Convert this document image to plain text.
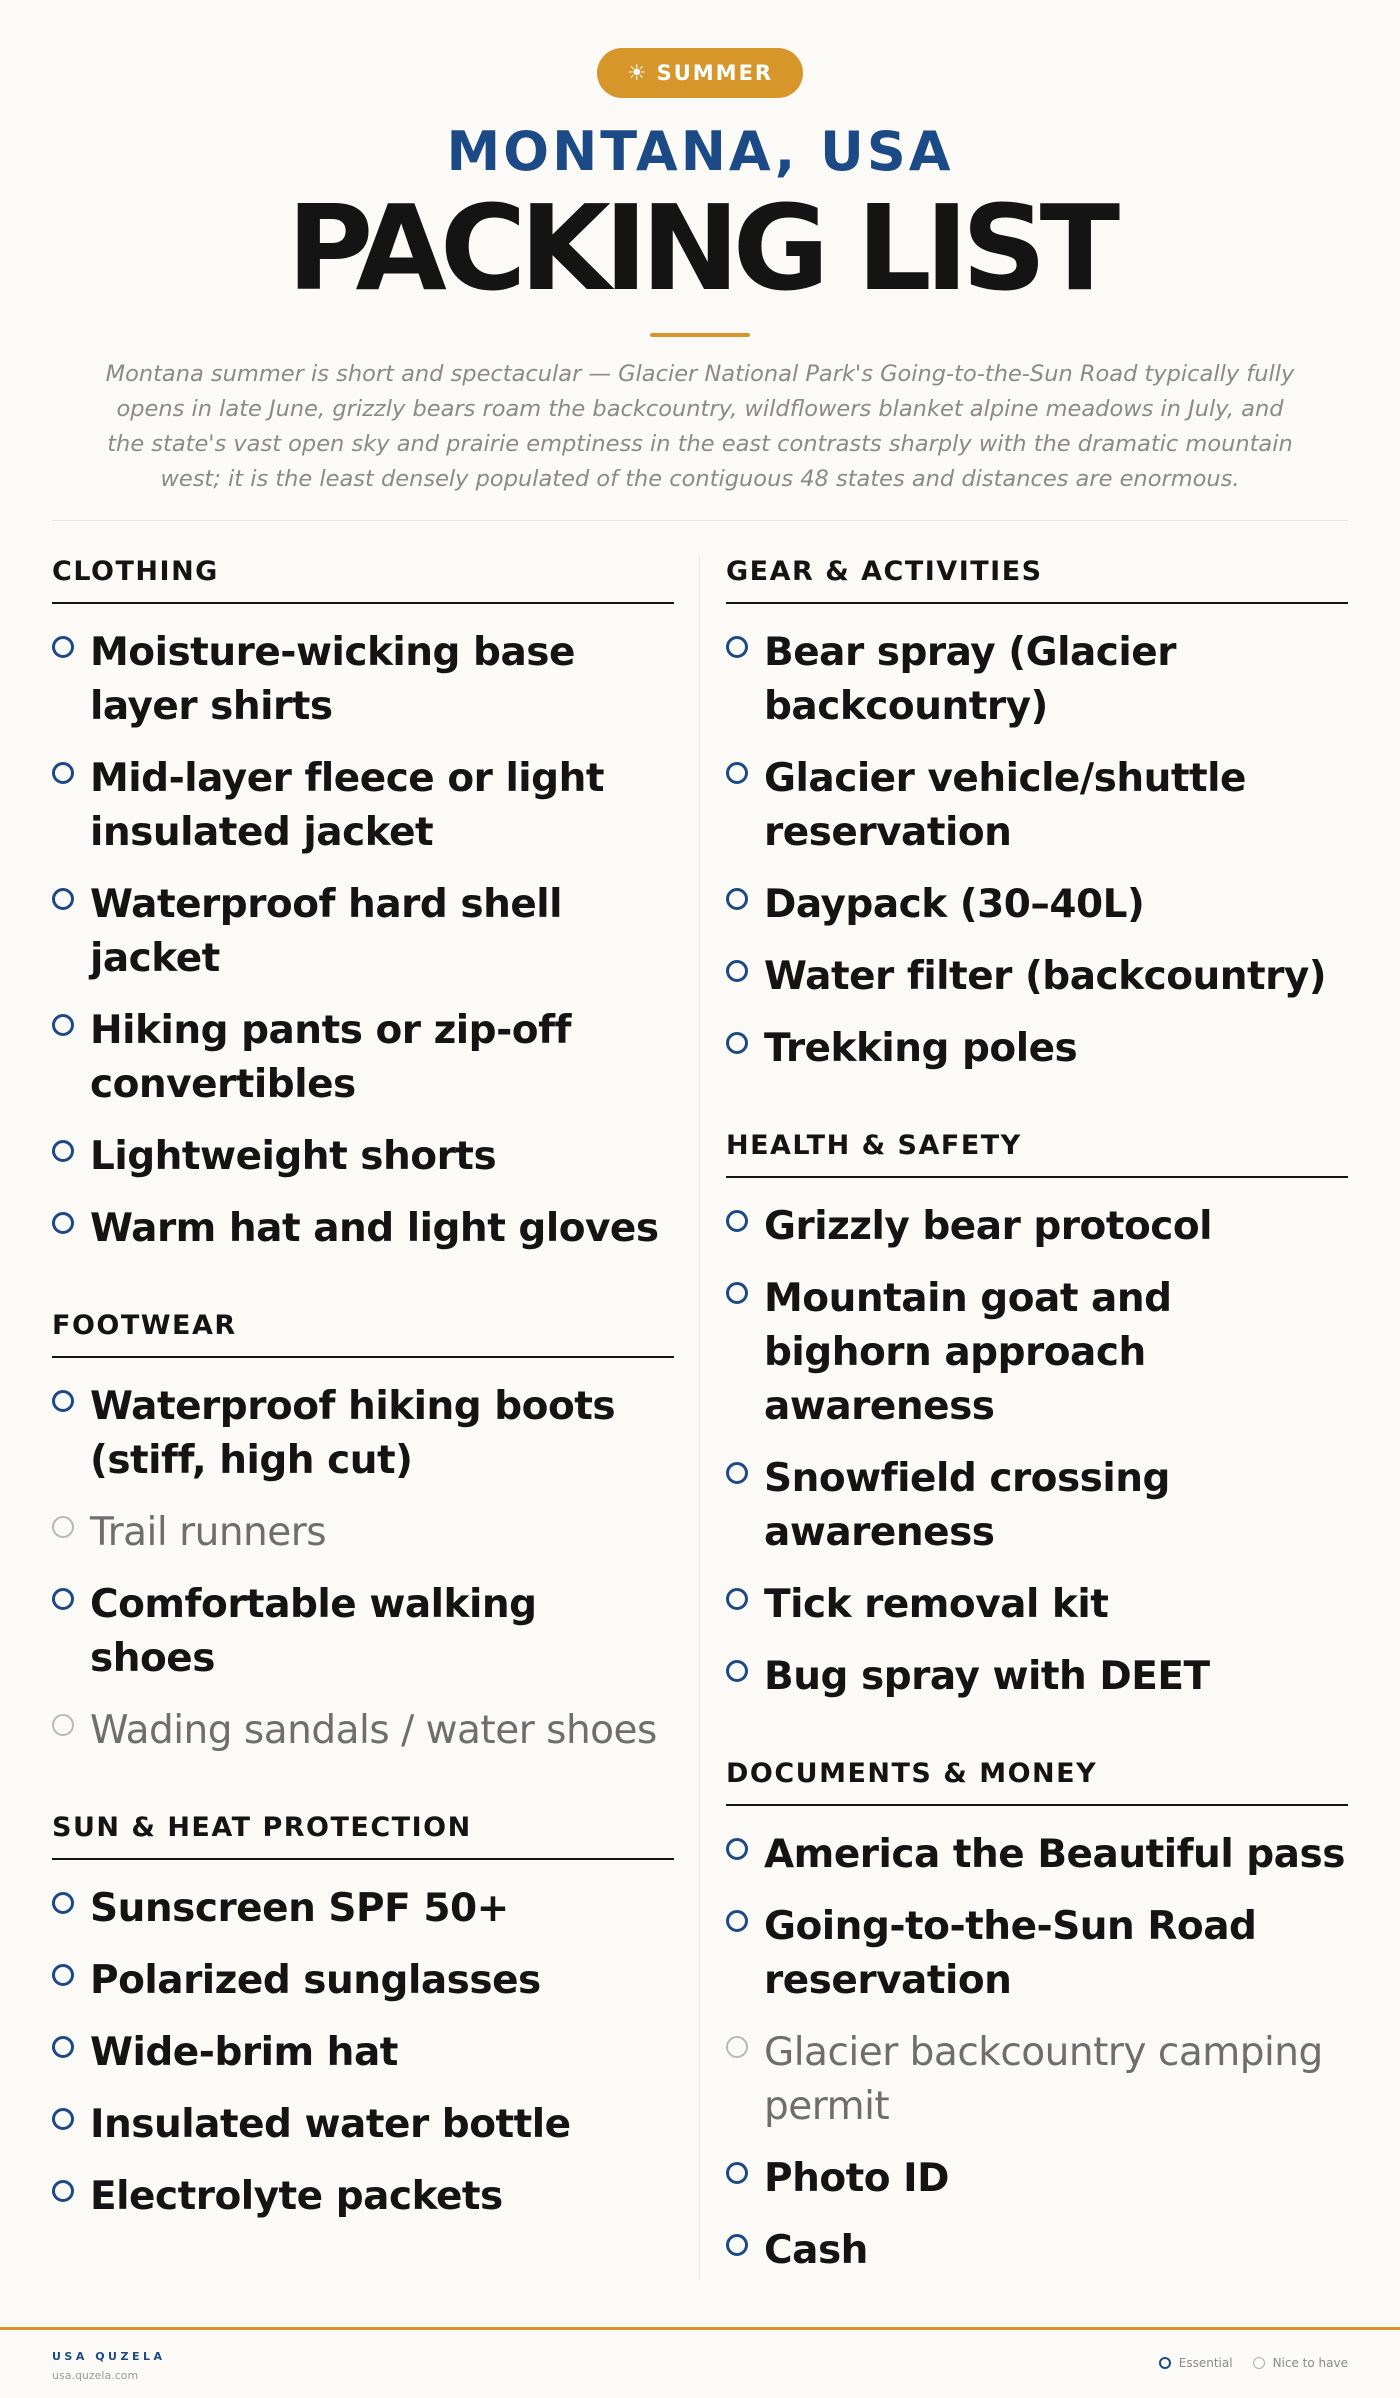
☀ SUMMER
MONTANA, USA
PACKING LIST

Montana summer is short and spectacular — Glacier National Park's Going-to-the-Sun Road typically fully opens in late June, grizzly bears roam the backcountry, wildflowers blanket alpine meadows in July, and the state's vast open sky and prairie emptiness in the east contrasts sharply with the dramatic mountain west; it is the least densely populated of the contiguous 48 states and distances are enormous.

CLOTHING
Moisture-wicking base layer shirts
Mid-layer fleece or light insulated jacket
Waterproof hard shell jacket
Hiking pants or zip-off convertibles
Lightweight shorts
Warm hat and light gloves
FOOTWEAR
Waterproof hiking boots (stiff, high cut)
Trail runners
Comfortable walking shoes
Wading sandals / water shoes
SUN & HEAT PROTECTION
Sunscreen SPF 50+
Polarized sunglasses
Wide-brim hat
Insulated water bottle
Electrolyte packets
GEAR & ACTIVITIES
Bear spray (Glacier backcountry)
Glacier vehicle/shuttle reservation
Daypack (30–40L)
Water filter (backcountry)
Trekking poles
HEALTH & SAFETY
Grizzly bear protocol
Mountain goat and bighorn approach awareness
Snowfield crossing awareness
Tick removal kit
Bug spray with DEET
DOCUMENTS & MONEY
America the Beautiful pass
Going-to-the-Sun Road reservation
Glacier backcountry camping permit
Photo ID
Cash
USA QUZELA
usa.quzela.com
Essential	Nice to have
